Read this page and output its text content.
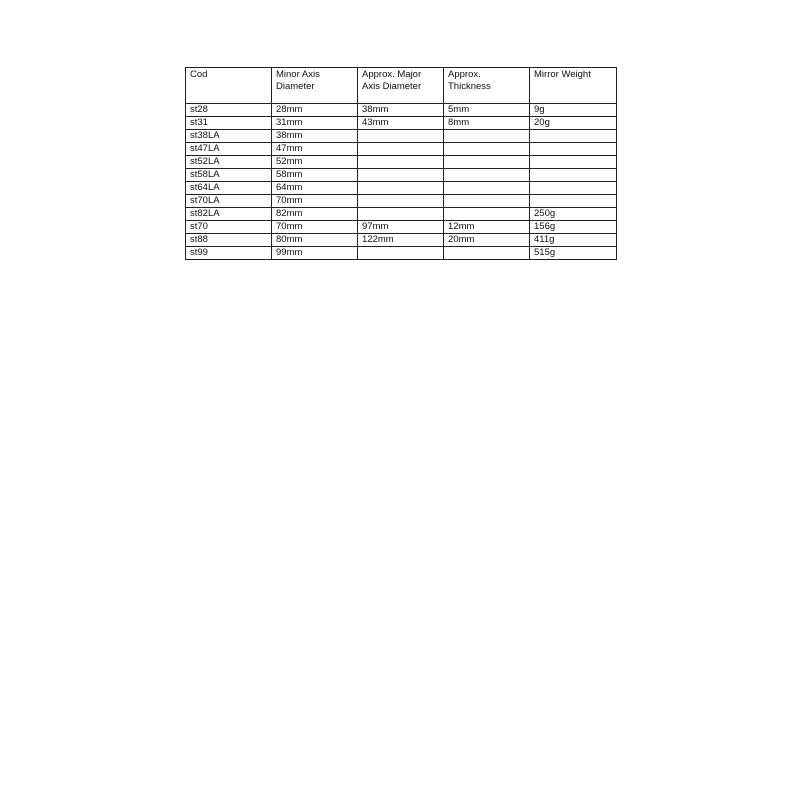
Cod	Minor Axis Diameter	Approx. Major Axis Diameter	Approx. Thickness	Mirror Weight
st28	28mm	38mm	5mm	9g
st31	31mm	43mm	8mm	20g
st38LA	38mm			
st47LA	47mm			
st52LA	52mm			
st58LA	58mm			
st64LA	64mm			
st70LA	70mm			
st82LA	82mm			250g
st70	70mm	97mm	12mm	156g
st88	80mm	122mm	20mm	411g
st99	99mm			515g
